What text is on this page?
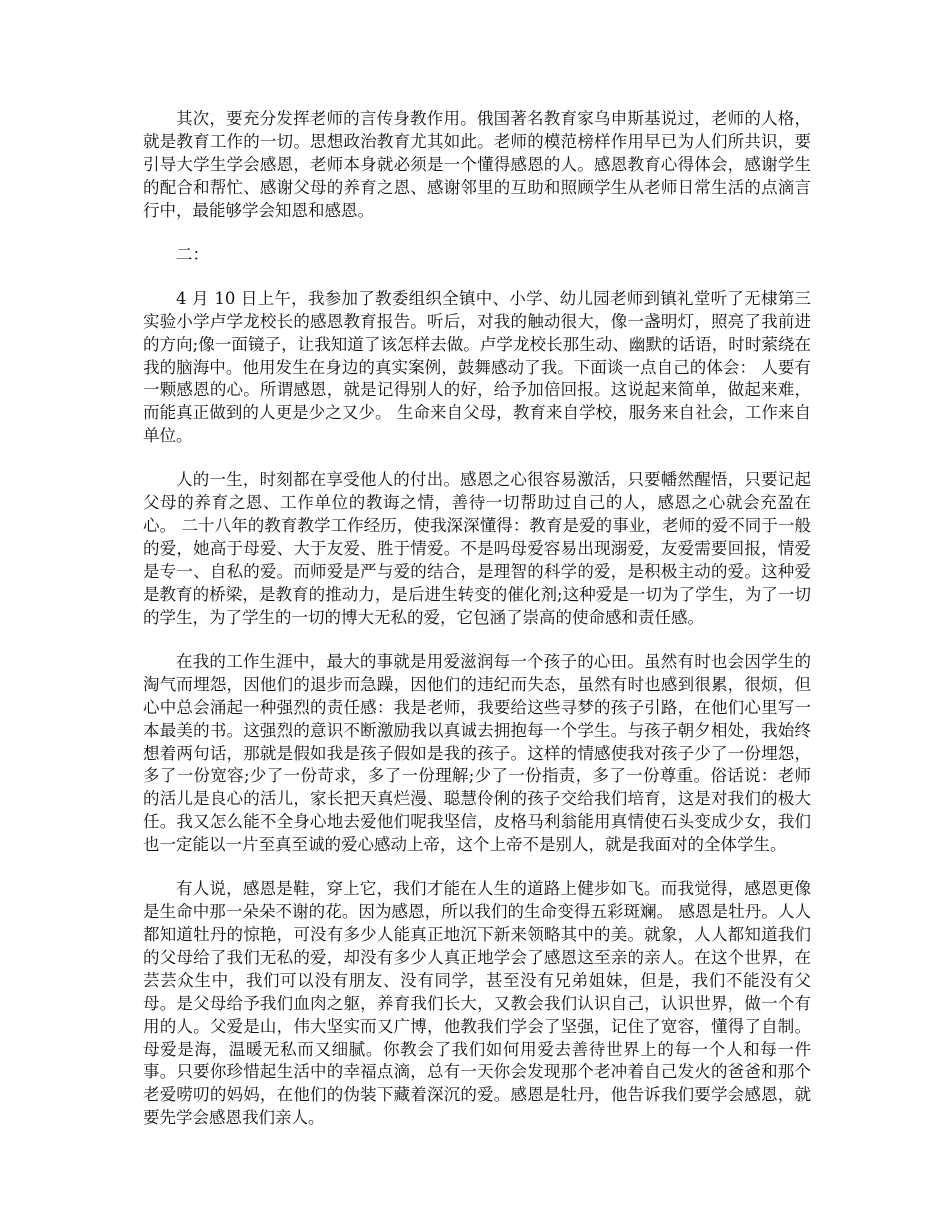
其次，要充分发挥老师的言传身教作用。俄国著名教育家乌申斯基说过，老师的人格，就是教育工作的一切。思想政治教育尤其如此。老师的模范榜样作用早已为人们所共识，要引导大学生学会感恩，老师本身就必须是一个懂得感恩的人。感恩教育心得体会，感谢学生的配合和帮忙、感谢父母的养育之恩、感谢邻里的互助和照顾学生从老师日常生活的点滴言行中，最能够学会知恩和感恩。

二：

4 月 10 日上午，我参加了教委组织全镇中、小学、幼儿园老师到镇礼堂听了无棣第三实验小学卢学龙校长的感恩教育报告。听后，对我的触动很大，像一盏明灯，照亮了我前进的方向;像一面镜子，让我知道了该怎样去做。卢学龙校长那生动、幽默的话语，时时萦绕在我的脑海中。他用发生在身边的真实案例，鼓舞感动了我。下面谈一点自己的体会： 人要有一颗感恩的心。所谓感恩，就是记得别人的好，给予加倍回报。这说起来简单，做起来难，而能真正做到的人更是少之又少。 生命来自父母，教育来自学校，服务来自社会，工作来自单位。

人的一生，时刻都在享受他人的付出。感恩之心很容易激活，只要幡然醒悟，只要记起父母的养育之恩、工作单位的教诲之情，善待一切帮助过自己的人，感恩之心就会充盈在心。 二十八年的教育教学工作经历，使我深深懂得：教育是爱的事业，老师的爱不同于一般的爱，她高于母爱、大于友爱、胜于情爱。不是吗母爱容易出现溺爱，友爱需要回报，情爱是专一、自私的爱。而师爱是严与爱的结合，是理智的科学的爱，是积极主动的爱。这种爱是教育的桥梁，是教育的推动力，是后进生转变的催化剂;这种爱是一切为了学生，为了一切的学生，为了学生的一切的博大无私的爱，它包涵了崇高的使命感和责任感。

在我的工作生涯中，最大的事就是用爱滋润每一个孩子的心田。虽然有时也会因学生的淘气而埋怨，因他们的退步而急躁，因他们的违纪而失态，虽然有时也感到很累，很烦，但心中总会涌起一种强烈的责任感：我是老师，我要给这些寻梦的孩子引路，在他们心里写一本最美的书。这强烈的意识不断激励我以真诚去拥抱每一个学生。与孩子朝夕相处，我始终想着两句话，那就是假如我是孩子假如是我的孩子。这样的情感使我对孩子少了一份埋怨，多了一份宽容;少了一份苛求，多了一份理解;少了一份指责，多了一份尊重。俗话说：老师的活儿是良心的活儿，家长把天真烂漫、聪慧伶俐的孩子交给我们培育，这是对我们的极大任。我又怎么能不全身心地去爱他们呢我坚信，皮格马利翁能用真情使石头变成少女，我们也一定能以一片至真至诚的爱心感动上帝，这个上帝不是别人，就是我面对的全体学生。

有人说，感恩是鞋，穿上它，我们才能在人生的道路上健步如飞。而我觉得，感恩更像是生命中那一朵朵不谢的花。因为感恩，所以我们的生命变得五彩斑斓。 感恩是牡丹。人人都知道牡丹的惊艳，可没有多少人能真正地沉下新来领略其中的美。就象，人人都知道我们的父母给了我们无私的爱，却没有多少人真正地学会了感恩这至亲的亲人。在这个世界，在芸芸众生中，我们可以没有朋友、没有同学，甚至没有兄弟姐妹，但是，我们不能没有父母。是父母给予我们血肉之躯，养育我们长大，又教会我们认识自己，认识世界，做一个有用的人。父爱是山，伟大坚实而又广博，他教我们学会了坚强，记住了宽容，懂得了自制。母爱是海，温暖无私而又细腻。你教会了我们如何用爱去善待世界上的每一个人和每一件事。只要你珍惜起生活中的幸福点滴，总有一天你会发现那个老冲着自己发火的爸爸和那个老爱唠叨的妈妈，在他们的伪装下藏着深沉的爱。感恩是牡丹，他告诉我们要学会感恩，就要先学会感恩我们亲人。
